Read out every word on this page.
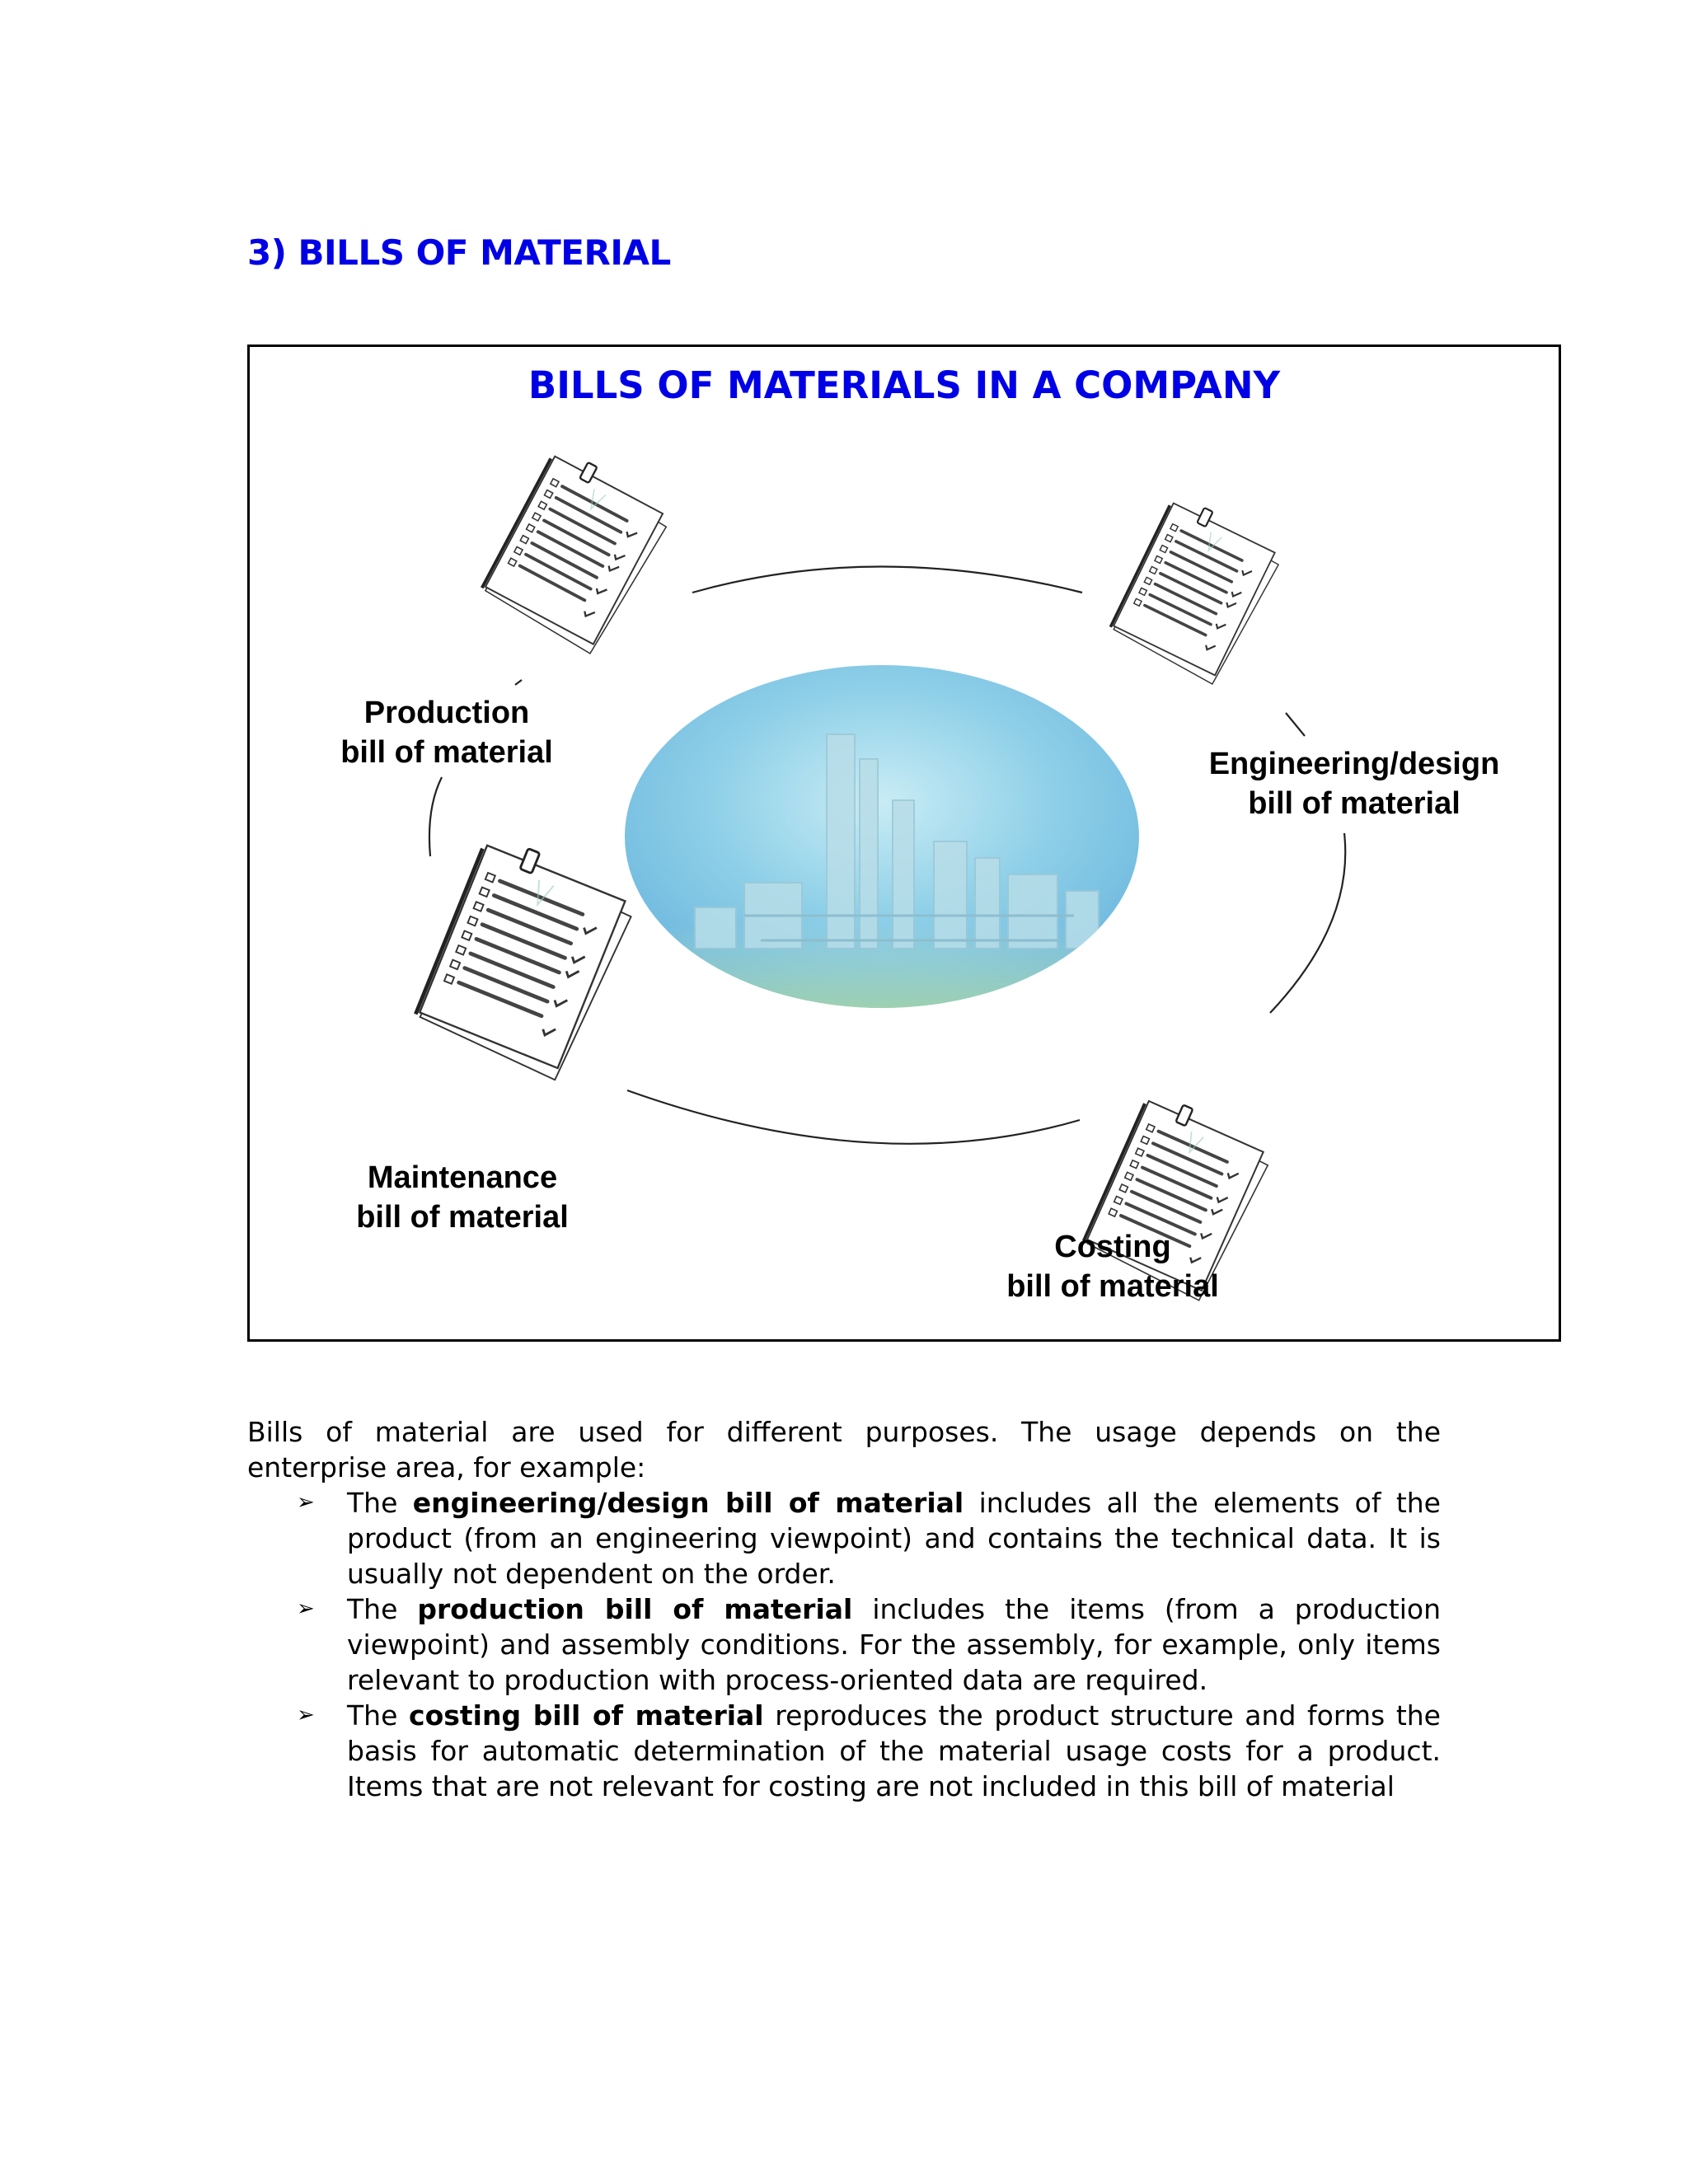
3) BILLS OF MATERIAL
BILLS OF MATERIALS IN A COMPANY
Production
bill of material	Engineering/design
bill of material
Maintenance
bill of material
Costing
bill of material
Bills of material are used for different purposes. The usage depends on the
enterprise area, for example:
➢ The engineering/design bill of material includes all the elements of the product (from an engineering viewpoint) and contains the technical data. It is usually not dependent on the order.
➢ The production bill of material includes the items (from a production viewpoint) and assembly conditions. For the assembly, for example, only items relevant to production with process-oriented data are required.
➢ The costing bill of material reproduces the product structure and forms the basis for automatic determination of the material usage costs for a product. Items that are not relevant for costing are not included in this bill of material
